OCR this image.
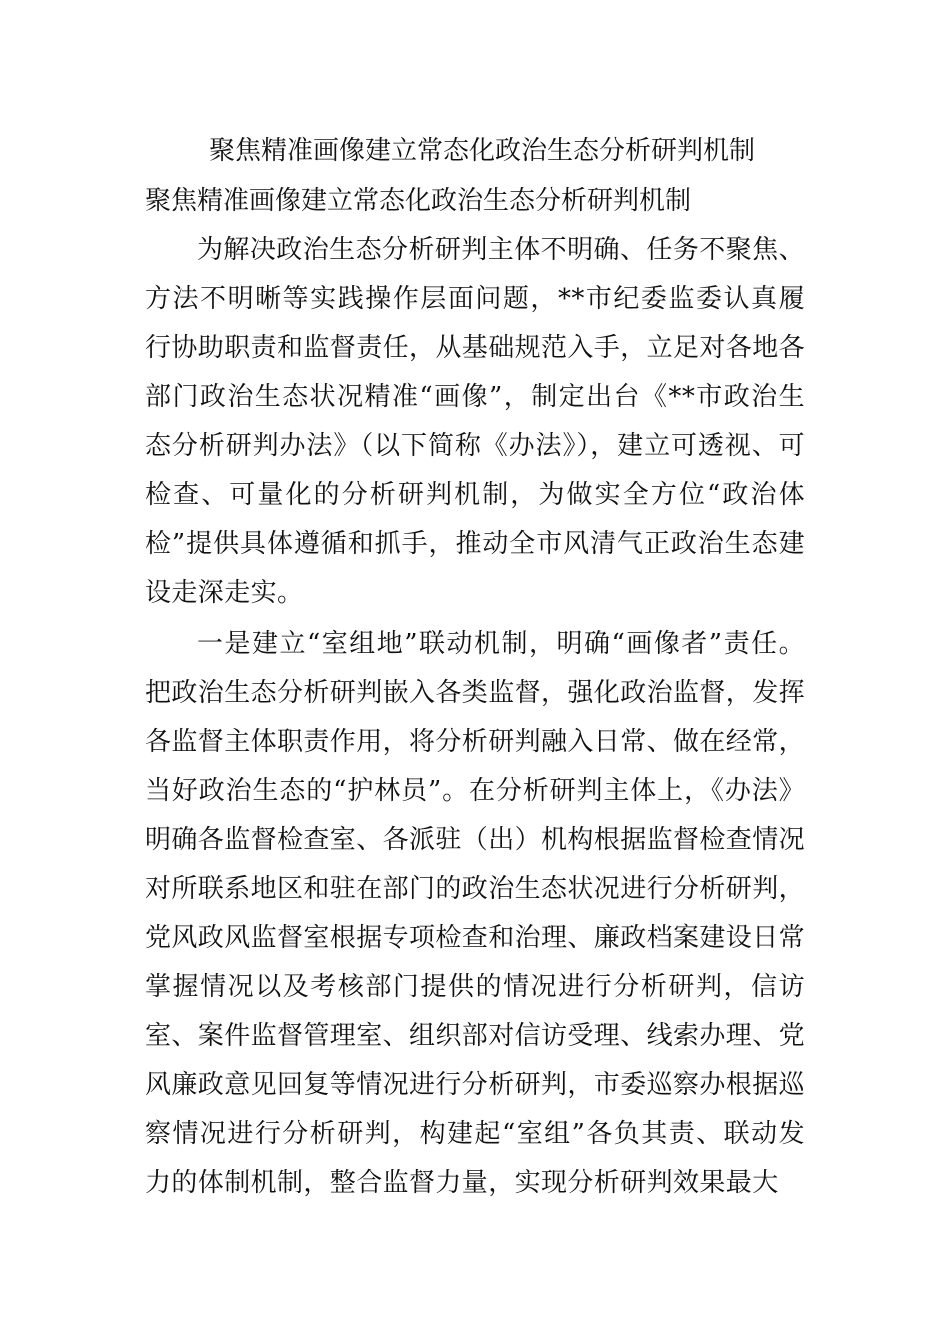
聚焦精准画像建立常态化政治生态分析研判机制
聚焦精准画像建立常态化政治生态分析研判机制

为解决政治生态分析研判主体不明确、任务不聚焦、方法不明晰等实践操作层面问题，**市纪委监委认真履行协助职责和监督责任，从基础规范入手，立足对各地各部门政治生态状况精准“画像”，制定出台《**市政治生态分析研判办法》（以下简称《办法》），建立可透视、可检查、可量化的分析研判机制，为做实全方位“政治体检”提供具体遵循和抓手，推动全市风清气正政治生态建设走深走实。

一是建立“室组地”联动机制，明确“画像者”责任。把政治生态分析研判嵌入各类监督，强化政治监督，发挥各监督主体职责作用，将分析研判融入日常、做在经常，当好政治生态的“护林员”。在分析研判主体上，《办法》明确各监督检查室、各派驻（出）机构根据监督检查情况对所联系地区和驻在部门的政治生态状况进行分析研判，党风政风监督室根据专项检查和治理、廉政档案建设日常掌握情况以及考核部门提供的情况进行分析研判，信访室、案件监督管理室、组织部对信访受理、线索办理、党风廉政意见回复等情况进行分析研判，市委巡察办根据巡察情况进行分析研判，构建起“室组”各负其责、联动发力的体制机制，整合监督力量，实现分析研判效果最大
